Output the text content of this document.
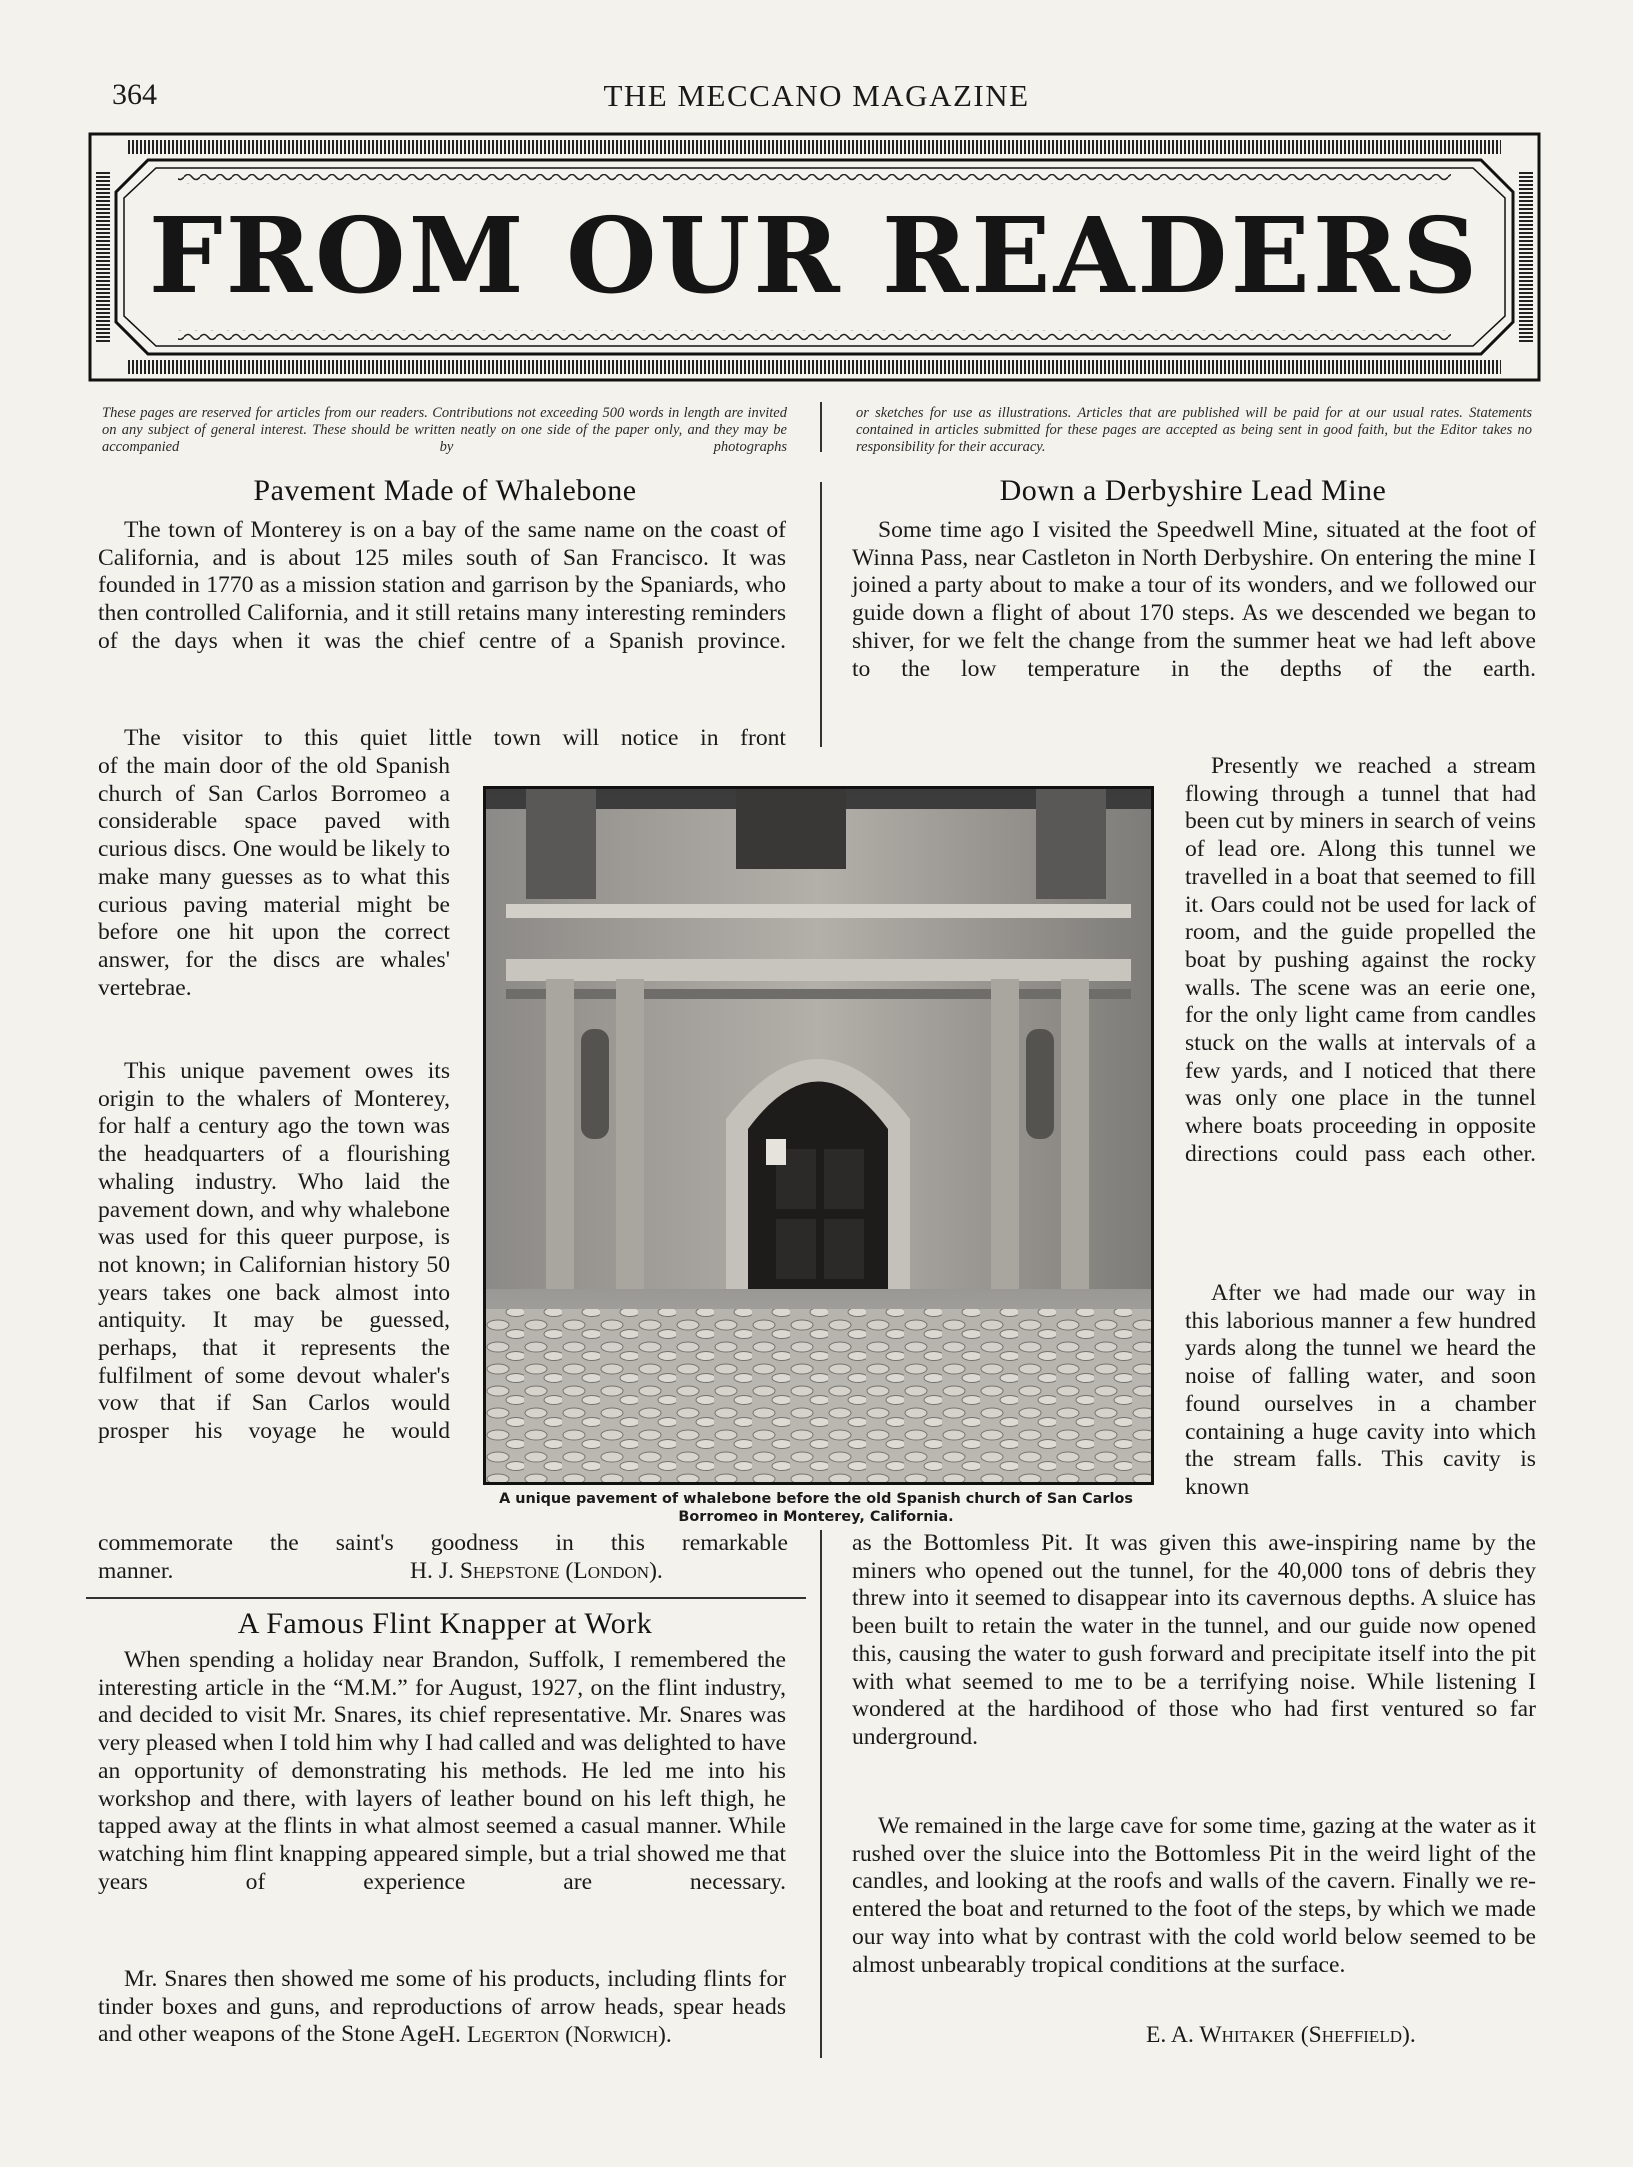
THE MECCANO MAGAZINE
364
FROM OUR READERS
These pages are reserved for articles from our readers. Contributions not exceeding 500 words in length are invited on any subject of general interest. These should be written neatly on one side of the paper only, and they may be accompanied by photographs
or sketches for use as illustrations. Articles that are published will be paid for at our usual rates. Statements contained in articles submitted for these pages are accepted as being sent in good faith, but the Editor takes no responsibility for their accuracy.
Pavement Made of Whalebone
The town of Monterey is on a bay of the same name on the coast of California, and is about 125 miles south of San Francisco. It was founded in 1770 as a mission station and garrison by the Spaniards, who then controlled California, and it still retains many interesting reminders of the days when it was the chief centre of a Spanish province.
The visitor to this quiet little town will notice in front
of the main door of the old Spanish church of San Carlos Borromeo a considerable space paved with curious discs. One would be likely to make many guesses as to what this curious paving material might be before one hit upon the correct answer, for the discs are whales' vertebrae.
This unique pavement owes its origin to the whalers of Monterey, for half a century ago the town was the headquarters of a flourishing whaling industry. Who laid the pavement down, and why whalebone was used for this queer purpose, is not known; in Californian history 50 years takes one back almost into antiquity. It may be guessed, perhaps, that it represents the fulfilment of some devout whaler's vow that if San Carlos would prosper his voyage he would
commemorate the saint's goodness in this remarkable
manner.	H. J. Shepstone (London).
A unique pavement of whalebone before the old Spanish church of San Carlos Borromeo in Monterey, California.
A Famous Flint Knapper at Work
When spending a holiday near Brandon, Suffolk, I remembered the interesting article in the “M.M.” for August, 1927, on the flint industry, and decided to visit Mr. Snares, its chief representative. Mr. Snares was very pleased when I told him why I had called and was delighted to have an opportunity of demonstrating his methods. He led me into his workshop and there, with layers of leather bound on his left thigh, he tapped away at the flints in what almost seemed a casual manner. While watching him flint knapping appeared simple, but a trial showed me that years of experience are necessary.
Mr. Snares then showed me some of his products, including flints for tinder boxes and guns, and reproductions of arrow heads, spear heads and other weapons of the Stone Age.
H. Legerton (Norwich).
Down a Derbyshire Lead Mine
Some time ago I visited the Speedwell Mine, situated at the foot of Winna Pass, near Castleton in North Derbyshire. On entering the mine I joined a party about to make a tour of its wonders, and we followed our guide down a flight of about 170 steps. As we descended we began to shiver, for we felt the change from the summer heat we had left above to the low temperature in the depths of the earth.
Presently we reached a stream flowing through a tunnel that had been cut by miners in search of veins of lead ore. Along this tunnel we travelled in a boat that seemed to fill it. Oars could not be used for lack of room, and the guide propelled the boat by pushing against the rocky walls. The scene was an eerie one, for the only light came from candles stuck on the walls at intervals of a few yards, and I noticed that there was only one place in the tunnel where boats proceeding in opposite directions could pass each other.
After we had made our way in this laborious manner a few hundred yards along the tunnel we heard the noise of falling water, and soon found ourselves in a chamber containing a huge cavity into which the stream falls. This cavity is known
as the Bottomless Pit. It was given this awe-inspiring name by the miners who opened out the tunnel, for the 40,000 tons of debris they threw into it seemed to disappear into its cavernous depths. A sluice has been built to retain the water in the tunnel, and our guide now opened this, causing the water to gush forward and precipitate itself into the pit with what seemed to me to be a terrifying noise. While listening I wondered at the hardihood of those who had first ventured so far underground.
We remained in the large cave for some time, gazing at the water as it rushed over the sluice into the Bottomless Pit in the weird light of the candles, and looking at the roofs and walls of the cavern. Finally we re-entered the boat and returned to the foot of the steps, by which we made our way into what by contrast with the cold world below seemed to be almost unbearably tropical conditions at the surface.
E. A. Whitaker (Sheffield).
